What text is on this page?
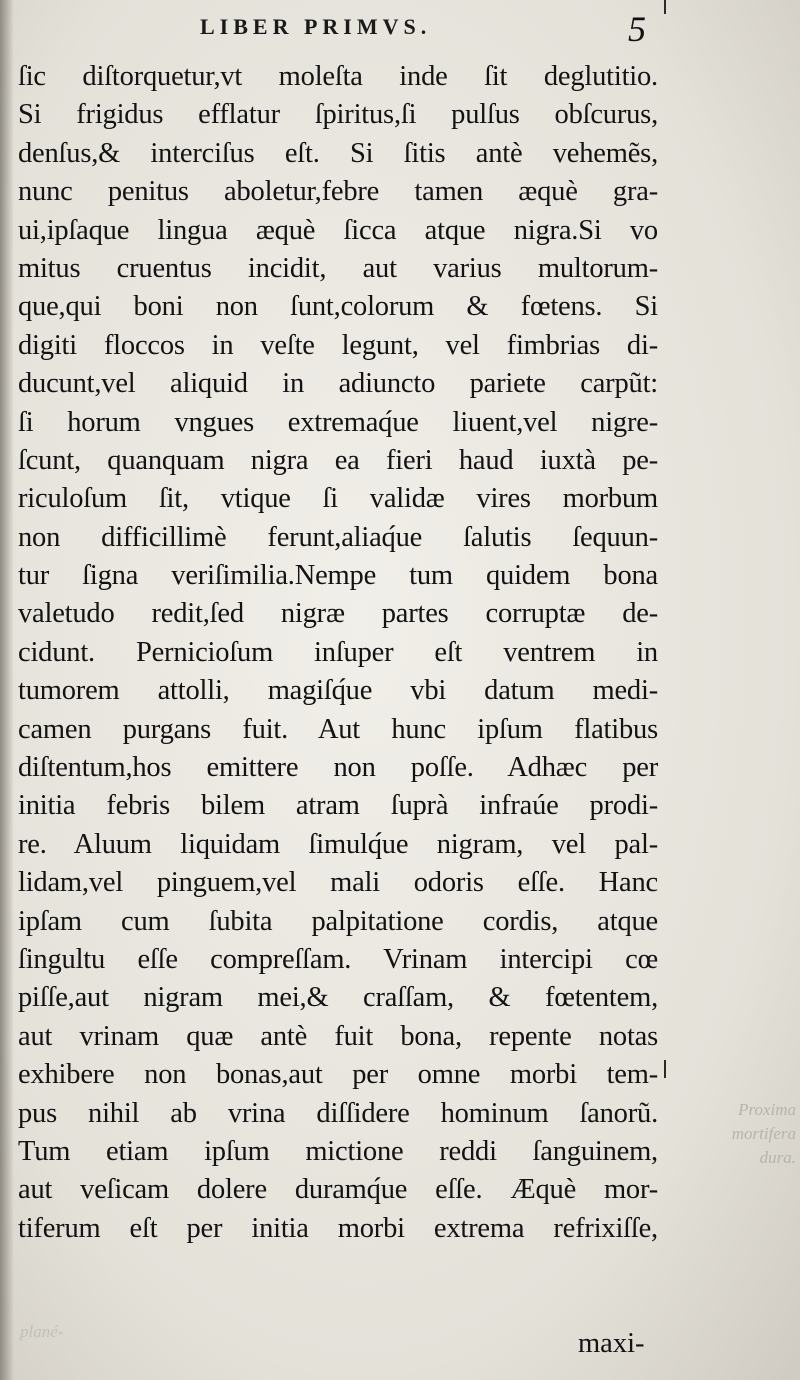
LIBER PRIMVS.	5
ſic diſtorquetur,vt moleſta inde ſit deglutitio.
Si frigidus efflatur ſpiritus,ſi pulſus obſcurus,
denſus,& interciſus eſt. Si ſitis antè vehemẽs,
nunc penitus aboletur,febre tamen æquè gra-
ui,ipſaque lingua æquè ſicca atque nigra.Si vo
mitus cruentus incidit, aut varius multorum-
que,qui boni non ſunt,colorum & fœtens. Si
digiti floccos in veſte legunt, vel fimbrias di-
ducunt,vel aliquid in adiuncto pariete carpũt:
ſi horum vngues extremaq́ue liuent,vel nigre-
ſcunt, quanquam nigra ea fieri haud iuxtà pe-
riculoſum ſit, vtique ſi validæ vires morbum
non difficillimè ferunt,aliaq́ue ſalutis ſequun-
tur ſigna veriſimilia.Nempe tum quidem bona
valetudo redit,ſed nigræ partes corruptæ de-
cidunt. Pernicioſum inſuper eſt ventrem in
tumorem attolli, magiſq́ue vbi datum medi-
camen purgans fuit. Aut hunc ipſum flatibus
diſtentum,hos emittere non poſſe. Adhæc per
initia febris bilem atram ſuprà infraúe prodi-
re. Aluum liquidam ſimulq́ue nigram, vel pal-
lidam,vel pinguem,vel mali odoris eſſe. Hanc
ipſam cum ſubita palpitatione cordis, atque
ſingultu eſſe compreſſam. Vrinam intercipi cœ
piſſe,aut nigram mei,& craſſam, & fœtentem,
aut vrinam quæ antè fuit bona, repente notas
exhibere non bonas,aut per omne morbi tem-
pus nihil ab vrina diſſidere hominum ſanorũ.
Tum etiam ipſum mictione reddi ſanguinem,
aut veſicam dolere duramq́ue eſſe. Æquè mor-
tiferum eſt per initia morbi extrema refrixiſſe,
maxi-
Proxima
mortifera
dura.
plané-
